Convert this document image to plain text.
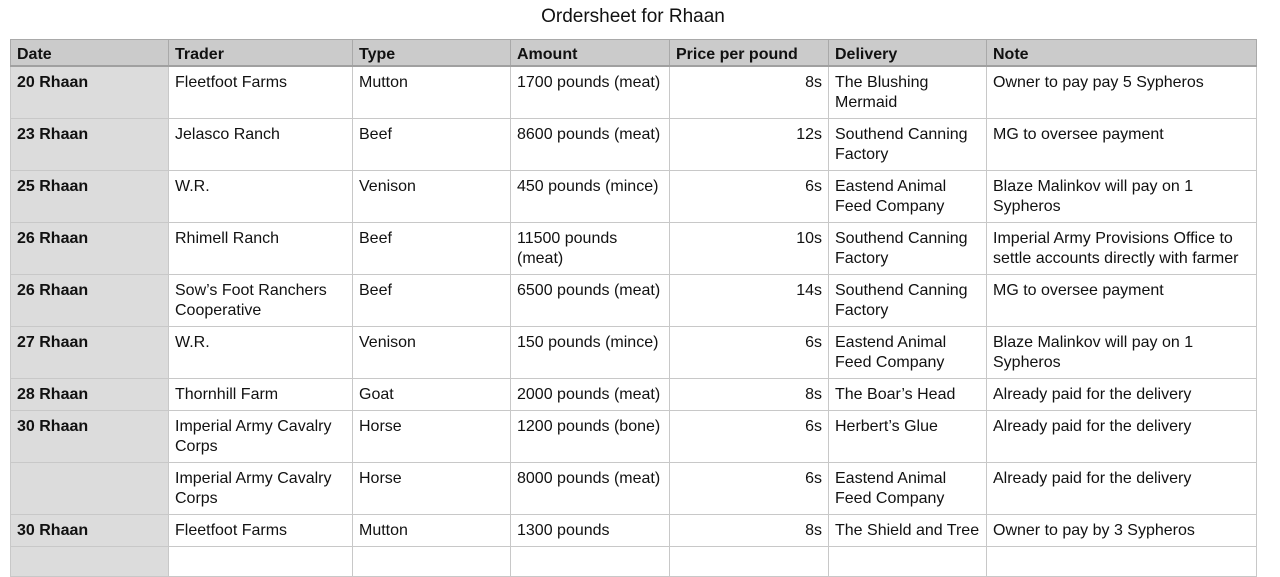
Ordersheet for Rhaan
Date	Trader	Type	Amount	Price per pound	Delivery	Note
20 Rhaan	Fleetfoot Farms	Mutton	1700 pounds (meat)	8s	The Blushing Mermaid	Owner to pay pay 5 Sypheros
23 Rhaan	Jelasco Ranch	Beef	8600 pounds (meat)	12s	Southend Canning Factory	MG to oversee payment
25 Rhaan	W.R.	Venison	450 pounds (mince)	6s	Eastend Animal Feed Company	Blaze Malinkov will pay on 1 Sypheros
26 Rhaan	Rhimell Ranch	Beef	11500 pounds (meat)	10s	Southend Canning Factory	Imperial Army Provisions Office to settle accounts directly with farmer
26 Rhaan	Sow’s Foot Ranchers Cooperative	Beef	6500 pounds (meat)	14s	Southend Canning Factory	MG to oversee payment
27 Rhaan	W.R.	Venison	150 pounds (mince)	6s	Eastend Animal Feed Company	Blaze Malinkov will pay on 1 Sypheros
28 Rhaan	Thornhill Farm	Goat	2000 pounds (meat)	8s	The Boar’s Head	Already paid for the delivery
30 Rhaan	Imperial Army Cavalry Corps	Horse	1200 pounds (bone)	6s	Herbert’s Glue	Already paid for the delivery
	Imperial Army Cavalry Corps	Horse	8000 pounds (meat)	6s	Eastend Animal Feed Company	Already paid for the delivery
30 Rhaan	Fleetfoot Farms	Mutton	1300 pounds	8s	The Shield and Tree	Owner to pay by 3 Sypheros
